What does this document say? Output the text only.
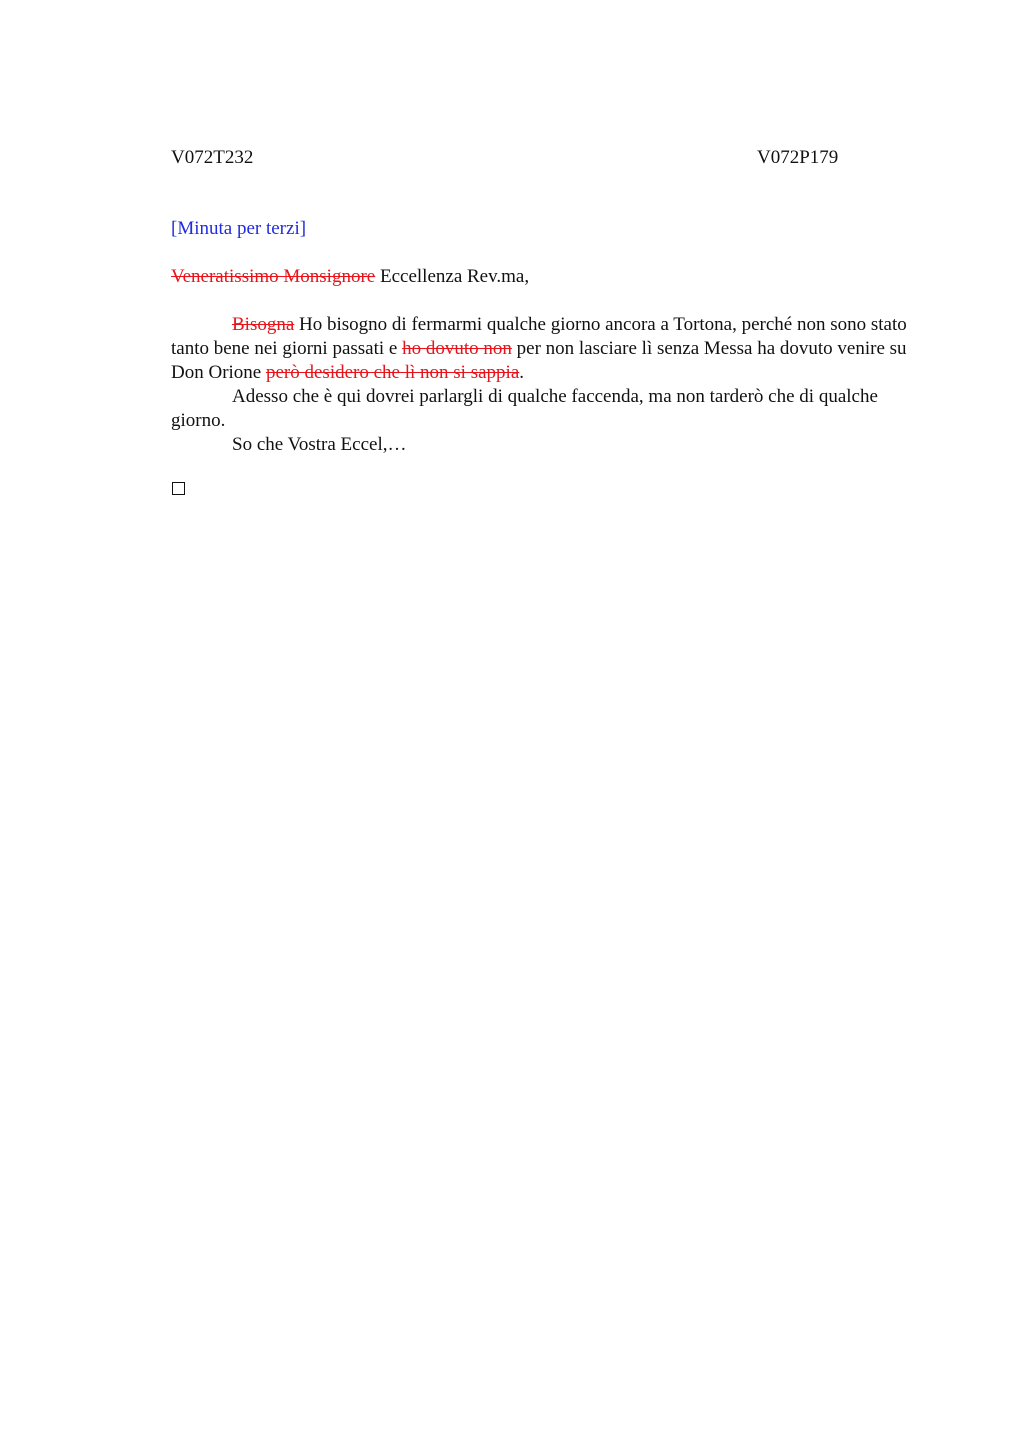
V072T232	V072P179
[Minuta per terzi]
Veneratissimo Monsignore Eccellenza Rev.ma,

Bisogna Ho bisogno di fermarmi qualche giorno ancora a Tortona, perché non sono stato tanto bene nei giorni passati e ho dovuto non per non lasciare lì senza Messa ha dovuto venire su Don Orione però desidero che lì non si sappia.

Adesso che è qui dovrei parlargli di qualche faccenda, ma non tarderò che di qualche giorno.

So che Vostra Eccel,…
